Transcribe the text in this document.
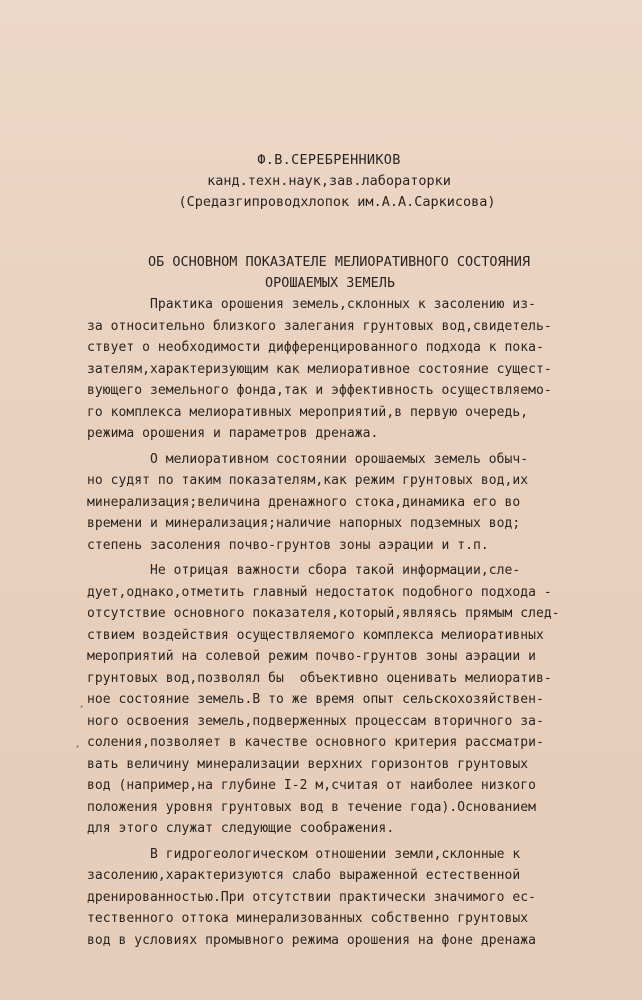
Ф.В.СЕРЕБРЕННИКОВ
канд.техн.наук,зав.лабораторки
(Средазгипроводхлопок им.А.А.Саркисова)
ОБ ОСНОВНОМ ПОКАЗАТЕЛЕ МЕЛИОРАТИВНОГО СОСТОЯНИЯ
ОРОШАЕМЫХ ЗЕМЕЛЬ
Практика орошения земель,склонных к засолению из-
за относительно близкого залегания грунтовых вод,свидетель-
ствует о необходимости дифференцированного подхода к пока-
зателям,характеризующим как мелиоративное состояние сущест-
вующего земельного фонда,так и эффективность осуществляемо-
го комплекса мелиоративных мероприятий,в первую очередь,
режима орошения и параметров дренажа.
О мелиоративном состоянии орошаемых земель обыч-
но судят по таким показателям,как режим грунтовых вод,их
минерализация;величина дренажного стока,динамика его во
времени и минерализация;наличие напорных подземных вод;
степень засоления почво-грунтов зоны аэрации и т.п.
Не отрицая важности сбора такой информации,сле-
дует,однако,отметить главный недостаток подобного подхода -
отсутствие основного показателя,который,являясь прямым след-
ствием воздействия осуществляемого комплекса мелиоративных
мероприятий на солевой режим почво-грунтов зоны аэрации и
грунтовых вод,позволял бы  объективно оценивать мелиоратив-
ное состояние земель.В то же время опыт сельскохозяйствен-
ного освоения земель,подверженных процессам вторичного за-
соления,позволяет в качестве основного критерия рассматри-
вать величину минерализации верхних горизонтов грунтовых
вод (например,на глубине I-2 м,считая от наиболее низкого
положения уровня грунтовых вод в течение года).Основанием
для этого служат следующие соображения.
В гидрогеологическом отношении земли,склонные к
засолению,характеризуются слабо выраженной естественной
дренированностью.При отсутствии практически значимого ес-
тественного оттока минерализованных собственно грунтовых
вод в условиях промывного режима орошения на фоне дренажа
·
·
